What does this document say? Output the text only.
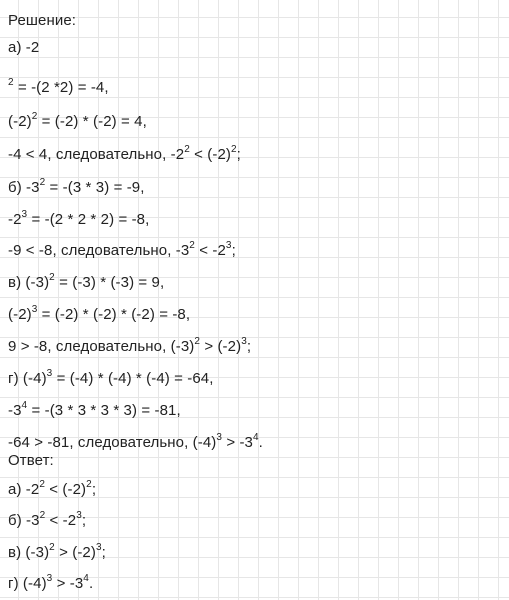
Решение:
а) -2
$^2$ = -(2 *2) = -4,
$(-2)^2 = (-2) * (-2) = 4$,
-4 < 4, следовательно, $-2^2 < (-2)^2$;
б) $-3^2 = -(3 * 3) = -9$,
$-2^3 = -(2 * 2 * 2) = -8$,
-9 < -8, следовательно, $-3^2 < -2^3$;
в) $(-3)^2 = (-3) * (-3) = 9$,
$(-2)^3 = (-2) * (-2) * (-2) = -8$,
9 > -8, следовательно, $(-3)^2 > (-2)^3$;
г) $(-4)^3 = (-4) * (-4) * (-4) = -64$,
$-3^4 = -(3 * 3 * 3 * 3) = -81$,
-64 > -81, следовательно, $(-4)^3 > -3^4$.
Ответ:
а) $-2^2 < (-2)^2$;
б) $-3^2 < -2^3$;
в) $(-3)^2 > (-2)^3$;
г) $(-4)^3 > -3^4$.
